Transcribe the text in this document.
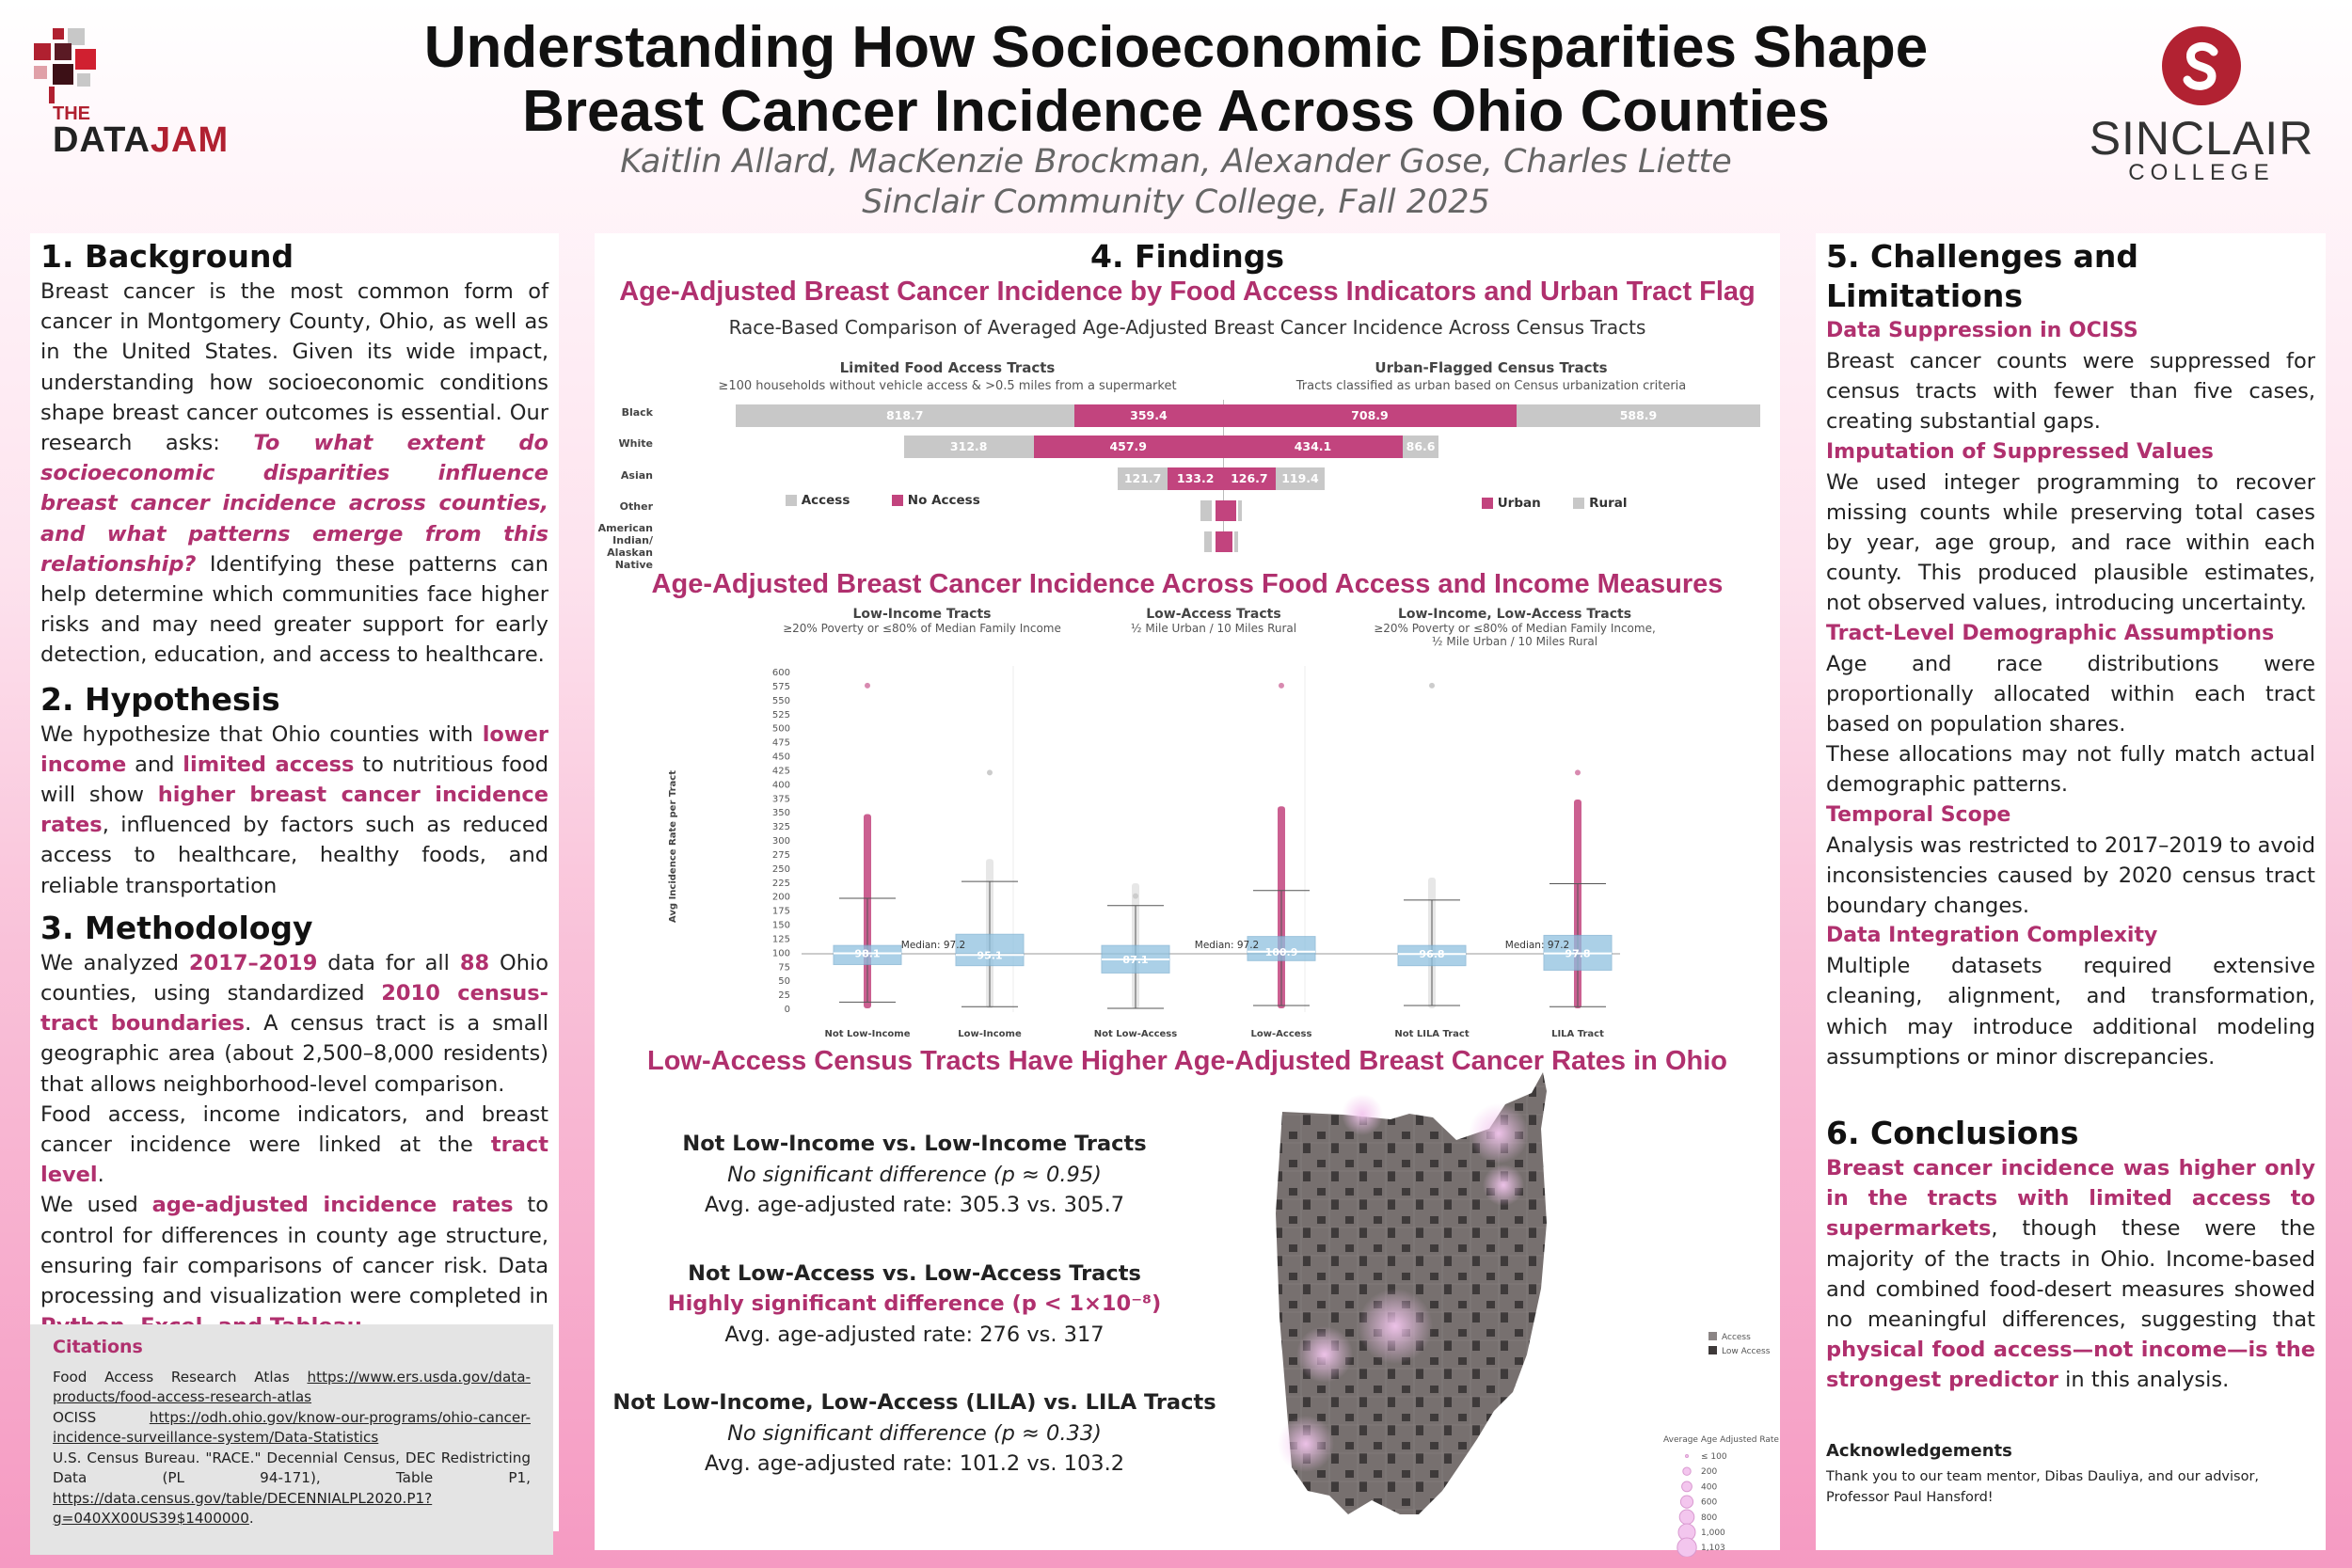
THE
DATAJAM
Understanding How Socioeconomic Disparities Shape
Breast Cancer Incidence Across Ohio Counties
Kaitlin Allard, MacKenzie Brockman, Alexander Gose, Charles Liette
Sinclair Community College, Fall 2025
SINCLAIR
COLLEGE
1. Background
Breast cancer is the most common form of cancer in Montgomery County, Ohio, as well as in the United States. Given its wide impact, understanding how socioeconomic conditions shape breast cancer outcomes is essential. Our research asks: To what extent do socioeconomic disparities influence breast cancer incidence across counties, and what patterns emerge from this relationship? Identifying these patterns can help determine which communities face higher risks and may need greater support for early detection, education, and access to healthcare.
2. Hypothesis
We hypothesize that Ohio counties with lower income and limited access to nutritious food will show higher breast cancer incidence rates, influenced by factors such as reduced access to healthcare, healthy foods, and reliable transportation
3. Methodology
We analyzed 2017–2019 data for all 88 Ohio counties, using standardized 2010 census-tract boundaries. A census tract is a small geographic area (about 2,500–8,000 residents) that allows neighborhood-level comparison.
Food access, income indicators, and breast cancer incidence were linked at the tract level.
We used age-adjusted incidence rates to control for differences in county age structure, ensuring fair comparisons of cancer risk. Data processing and visualization were completed in
Citations
Food Access Research Atlas https://www.ers.usda.gov/data-products/food-access-research-atlas
OCISS https://odh.ohio.gov/know-our-programs/ohio-cancer-incidence-surveillance-system/Data-Statistics
U.S. Census Bureau. "RACE." Decennial Census, DEC Redistricting Data (PL 94-171), Table P1, https://data.census.gov/table/DECENNIALPL2020.P1?g=040XX00US39$1400000.
4. Findings
Age-Adjusted Breast Cancer Incidence by Food Access Indicators and Urban Tract Flag
Race-Based Comparison of Averaged Age-Adjusted Breast Cancer Incidence Across Census Tracts
Limited Food Access Tracts
≥100 households without vehicle access & >0.5 miles from a supermarket
Urban-Flagged Census Tracts
Tracts classified as urban based on Census urbanization criteria
Black	359.4
818.7	708.9	588.9
White	457.9
312.8	434.1	86.6
Asian	133.2
121.7	126.7	119.4
Other
American Indian/ Alaskan Native
Access	No Access	Urban	Rural
Age-Adjusted Breast Cancer Incidence Across Food Access and Income Measures
Low-Income Tracts
≥20% Poverty or ≤80% of Median Family Income
Low-Access Tracts
½ Mile Urban / 10 Miles Rural
Low-Income, Low-Access Tracts
≥20% Poverty or ≤80% of Median Family Income,
½ Mile Urban / 10 Miles Rural
Avg Incidence Rate per Tract
0
25
50
75
100
125
150
175
200
225
250
275
300
325
350
375
400
425
450
475
500
525
550
575
600
98.1
Not Low-Income
95.1
Low-Income
87.1
Not Low-Access
100.9
Low-Access
96.8
Not LILA Tract
97.8
LILA Tract
Median: 97.2	Median: 97.2	Median: 97.2
Low-Access Census Tracts Have Higher Age-Adjusted Breast Cancer Rates in Ohio
Not Low-Income vs. Low-Income Tracts
No significant difference (p ≈ 0.95)
Avg. age-adjusted rate: 305.3 vs. 305.7
Not Low-Access vs. Low-Access Tracts
Highly significant difference (p < 1×10⁻⁸)
Avg. age-adjusted rate: 276 vs. 317
Not Low-Income, Low-Access (LILA) vs. LILA Tracts
No significant difference (p ≈ 0.33)
Avg. age-adjusted rate: 101.2 vs. 103.2
Access
Low Access
Average Age Adjusted Rate
≤ 100
200
400
600
800
1,000
1,103
5. Challenges and Limitations
Data Suppression in OCISS
Breast cancer counts were suppressed for census tracts with fewer than five cases, creating substantial gaps.
Imputation of Suppressed Values
We used integer programming to recover missing counts while preserving total cases by year, age group, and race within each county. This produced plausible estimates, not observed values, introducing uncertainty.
Tract-Level Demographic Assumptions
Age and race distributions were proportionally allocated within each tract based on population shares.
These allocations may not fully match actual demographic patterns.
Temporal Scope
Analysis was restricted to 2017–2019 to avoid inconsistencies caused by 2020 census tract boundary changes.
Data Integration Complexity
Multiple datasets required extensive cleaning, alignment, and transformation, which may introduce additional modeling assumptions or minor discrepancies.
6. Conclusions
Breast cancer incidence was higher only in the tracts with limited access to supermarkets, though these were the majority of the tracts in Ohio. Income-based and combined food-desert measures showed no meaningful differences, suggesting that physical food access—not income—is the strongest predictor in this analysis.
Acknowledgements
Thank you to our team mentor, Dibas Dauliya, and our advisor, Professor Paul Hansford!
